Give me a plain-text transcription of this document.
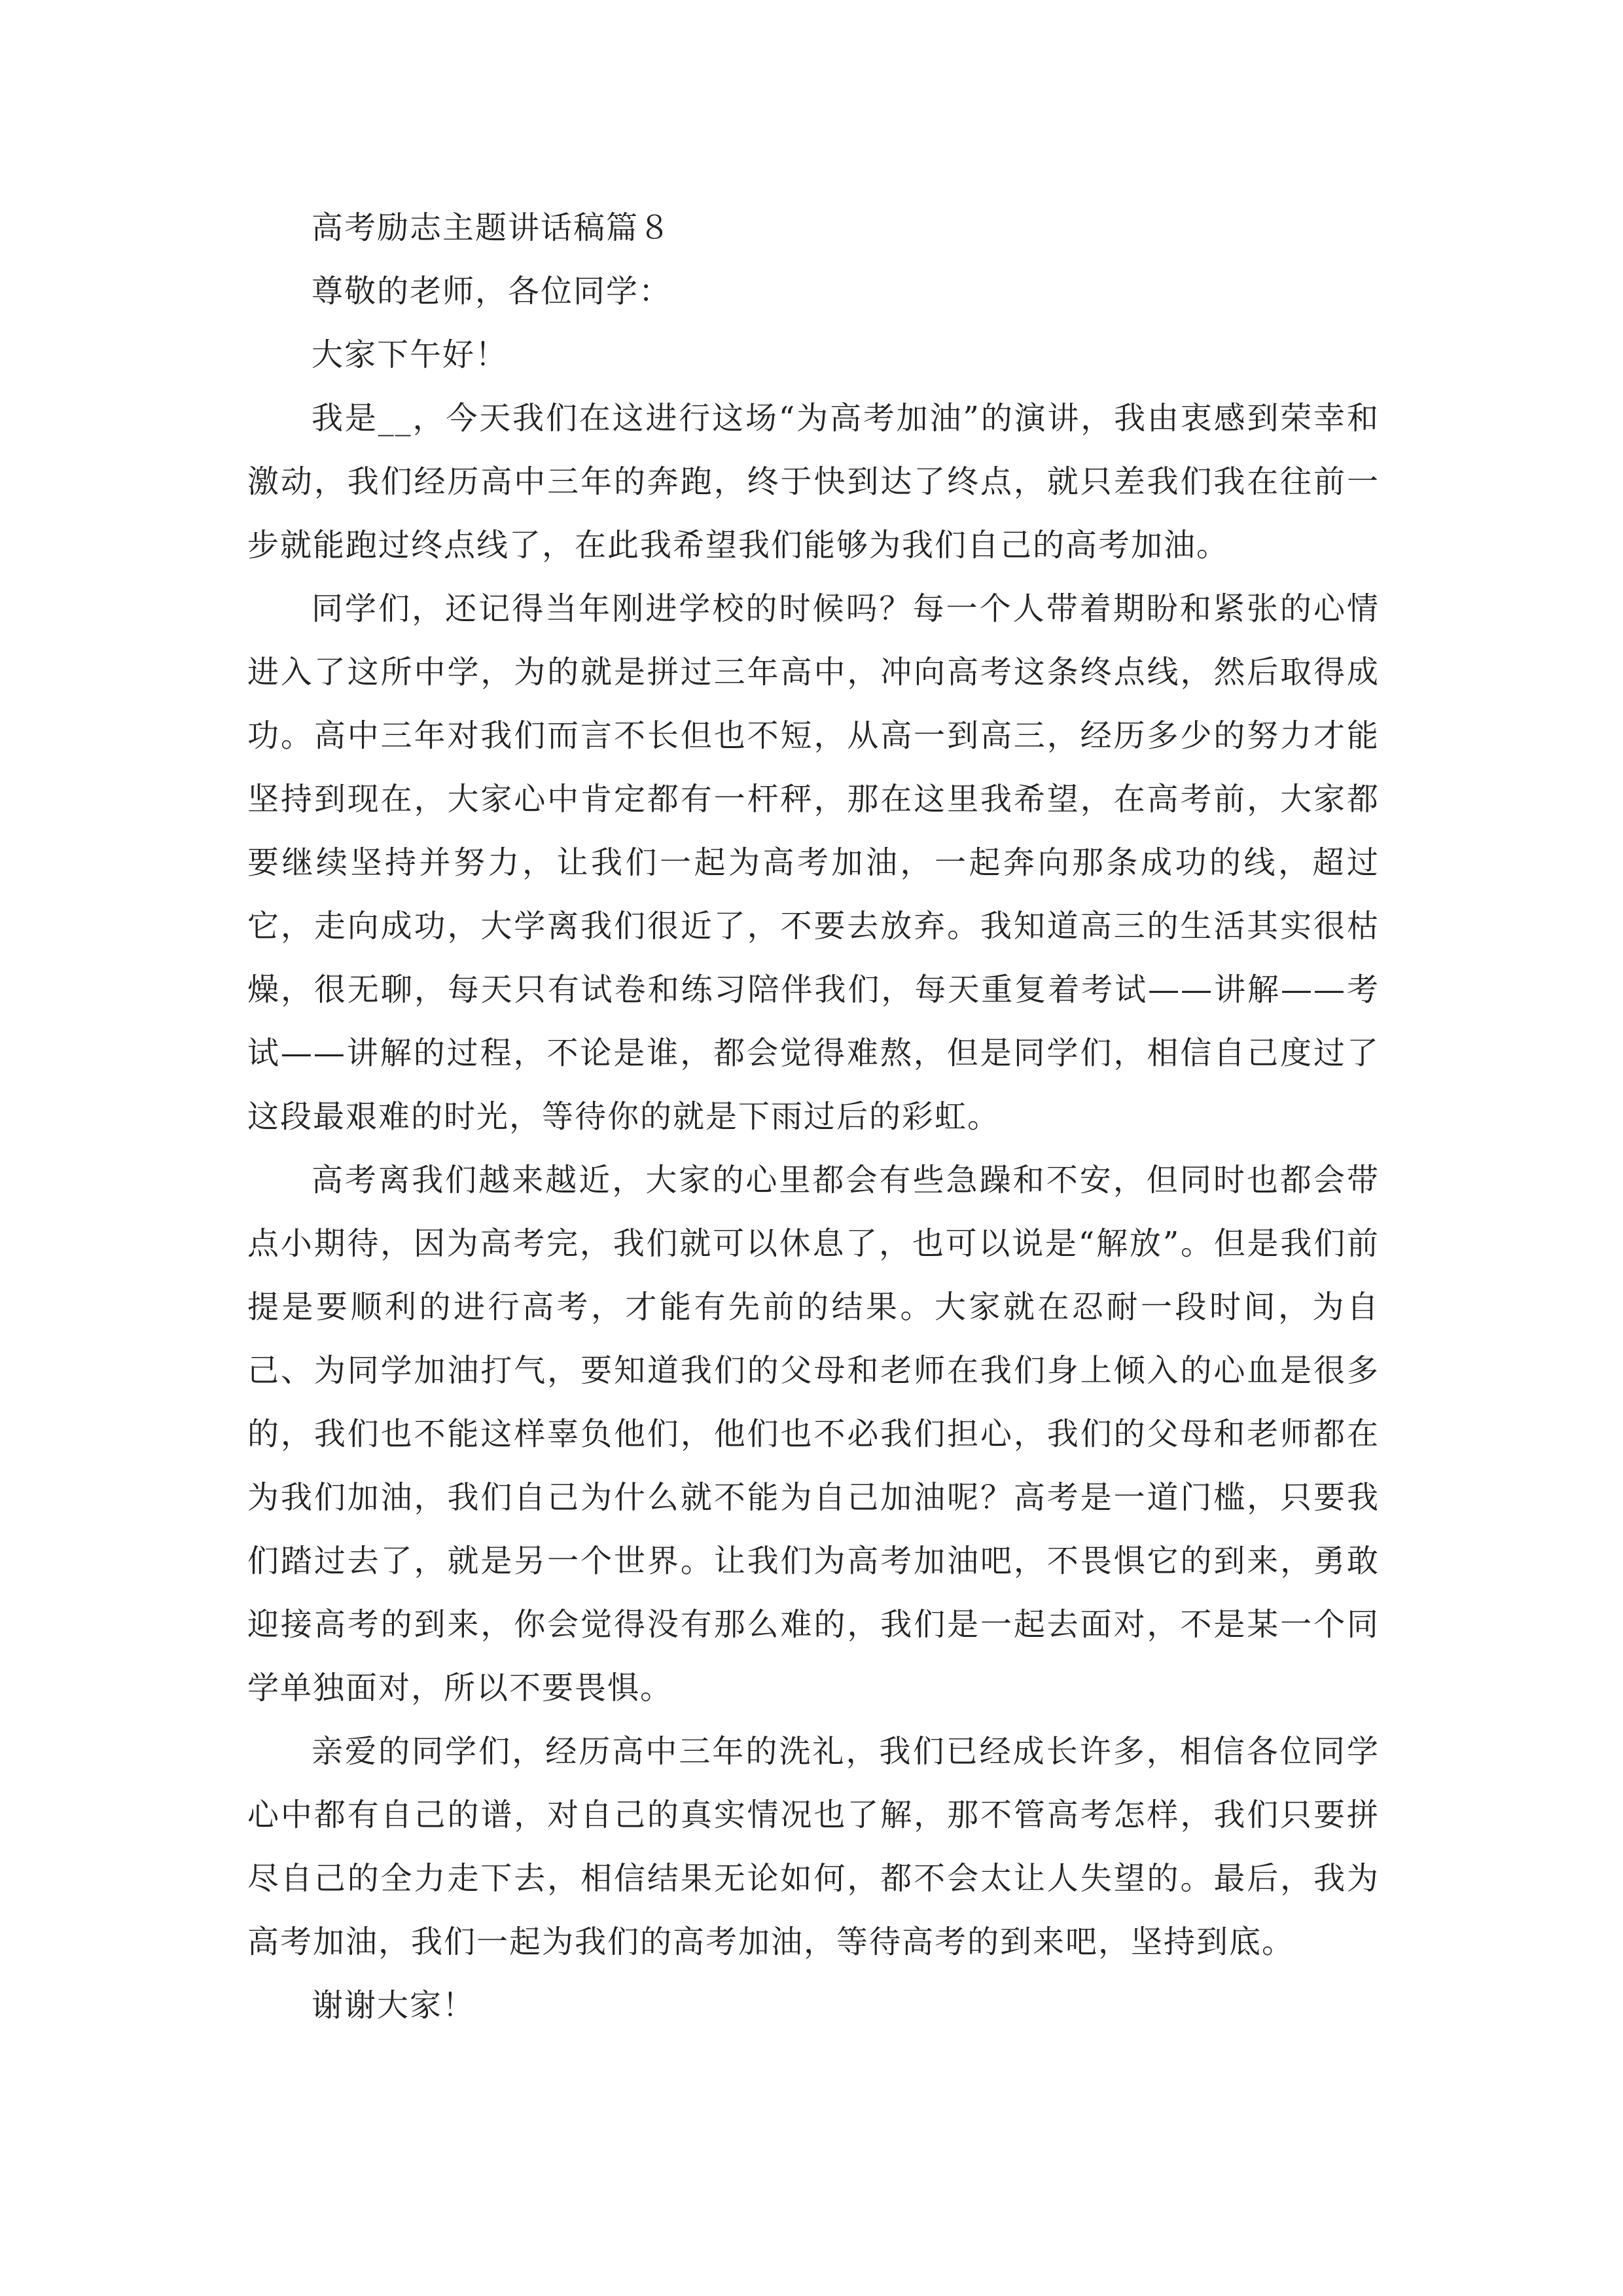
高考励志主题讲话稿篇８

尊敬的老师，各位同学：

大家下午好！

我是__，今天我们在这进行这场“为高考加油”的演讲，我由衷感到荣幸和激动，我们经历高中三年的奔跑，终于快到达了终点，就只差我们我在往前一步就能跑过终点线了，在此我希望我们能够为我们自己的高考加油。

同学们，还记得当年刚进学校的时候吗？每一个人带着期盼和紧张的心情进入了这所中学，为的就是拼过三年高中，冲向高考这条终点线，然后取得成功。高中三年对我们而言不长但也不短，从高一到高三，经历多少的努力才能坚持到现在，大家心中肯定都有一杆秤，那在这里我希望，在高考前，大家都要继续坚持并努力，让我们一起为高考加油，一起奔向那条成功的线，超过它，走向成功，大学离我们很近了，不要去放弃。我知道高三的生活其实很枯燥，很无聊，每天只有试卷和练习陪伴我们，每天重复着考试——讲解——考试——讲解的过程，不论是谁，都会觉得难熬，但是同学们，相信自己度过了这段最艰难的时光，等待你的就是下雨过后的彩虹。

高考离我们越来越近，大家的心里都会有些急躁和不安，但同时也都会带点小期待，因为高考完，我们就可以休息了，也可以说是“解放”。但是我们前提是要顺利的进行高考，才能有先前的结果。大家就在忍耐一段时间，为自己、为同学加油打气，要知道我们的父母和老师在我们身上倾入的心血是很多的，我们也不能这样辜负他们，他们也不必我们担心，我们的父母和老师都在为我们加油，我们自己为什么就不能为自己加油呢？高考是一道门槛，只要我们踏过去了，就是另一个世界。让我们为高考加油吧，不畏惧它的到来，勇敢迎接高考的到来，你会觉得没有那么难的，我们是一起去面对，不是某一个同学单独面对，所以不要畏惧。

亲爱的同学们，经历高中三年的洗礼，我们已经成长许多，相信各位同学心中都有自己的谱，对自己的真实情况也了解，那不管高考怎样，我们只要拼尽自己的全力走下去，相信结果无论如何，都不会太让人失望的。最后，我为高考加油，我们一起为我们的高考加油，等待高考的到来吧，坚持到底。

谢谢大家！
